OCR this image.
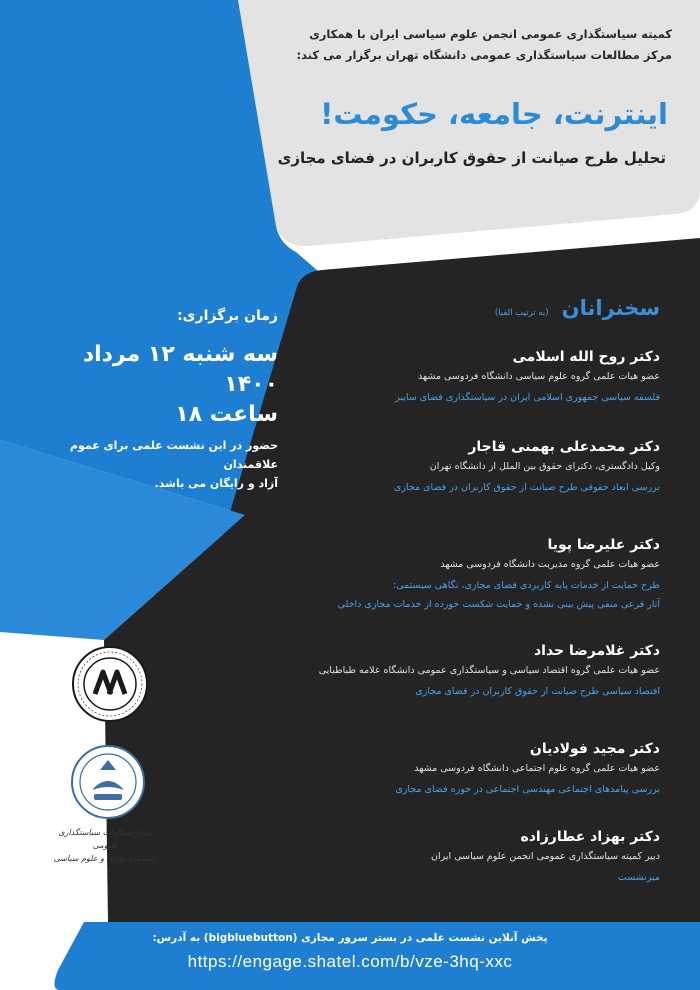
کمیته سیاستگذاری عمومی انجمن علوم سیاسی ایران با همکاری
مرکز مطالعات سیاستگذاری عمومی دانشگاه تهران برگزار می کند:
اینترنت، جامعه، حکومت!
تحلیل طرح صیانت از حقوق کاربران در فضای مجازی
زمان برگزاری:
سه شنبه ۱۲ مرداد ۱۴۰۰
ساعت ۱۸
حضور در این نشست علمی برای عموم علاقمندان
آزاد و رایگان می باشد.
سخنرانان (به ترتیب الفبا)
دکتر روح الله اسلامی
عضو هیات علمی گروه علوم سیاسی دانشگاه فردوسی مشهد
فلسفه سیاسی جمهوری اسلامی ایران در سیاستگذاری فضای سایبر
دکتر محمدعلی بهمنی قاجار
وکیل دادگستری، دکترای حقوق بین الملل از دانشگاه تهران
بررسی ابعاد حقوقی طرح صیانت از حقوق کاربران در فضای مجازی
دکتر علیرضا پویا
عضو هیات علمی گروه مدیریت دانشگاه فردوسی مشهد
طرح حمایت از خدمات پایه کاربردی فضای مجازی، نگاهی سیستمی:
آثار فرعی منفی پیش بینی نشده و حمایت شکست خورده از خدمات مجازی داخلی
دکتر غلامرضا حداد
عضو هیات علمی گروه اقتصاد سیاسی و سیاستگذاری عمومی دانشگاه علامه طباطبایی
اقتصاد سیاسی طرح صیانت از حقوق کاربران در فضای مجازی
دکتر مجید فولادیان
عضو هیات علمی گروه علوم اجتماعی دانشگاه فردوسی مشهد
بررسی پیامدهای اجتماعی مهندسی اجتماعی در حوزه فضای مجازی
دکتر بهزاد عطارزاده
دبیر کمیته سیاستگذاری عمومی انجمن علوم سیاسی ایران
میزنشست
مرکز مطالعات سیاستگذاری عمومی
دانشکده حقوق و علوم سیاسی
پخش آنلاین نشست علمی در بستر سرور مجازی (bigbluebutton) به آدرس:
https://engage.shatel.com/b/vze-3hq-xxc
